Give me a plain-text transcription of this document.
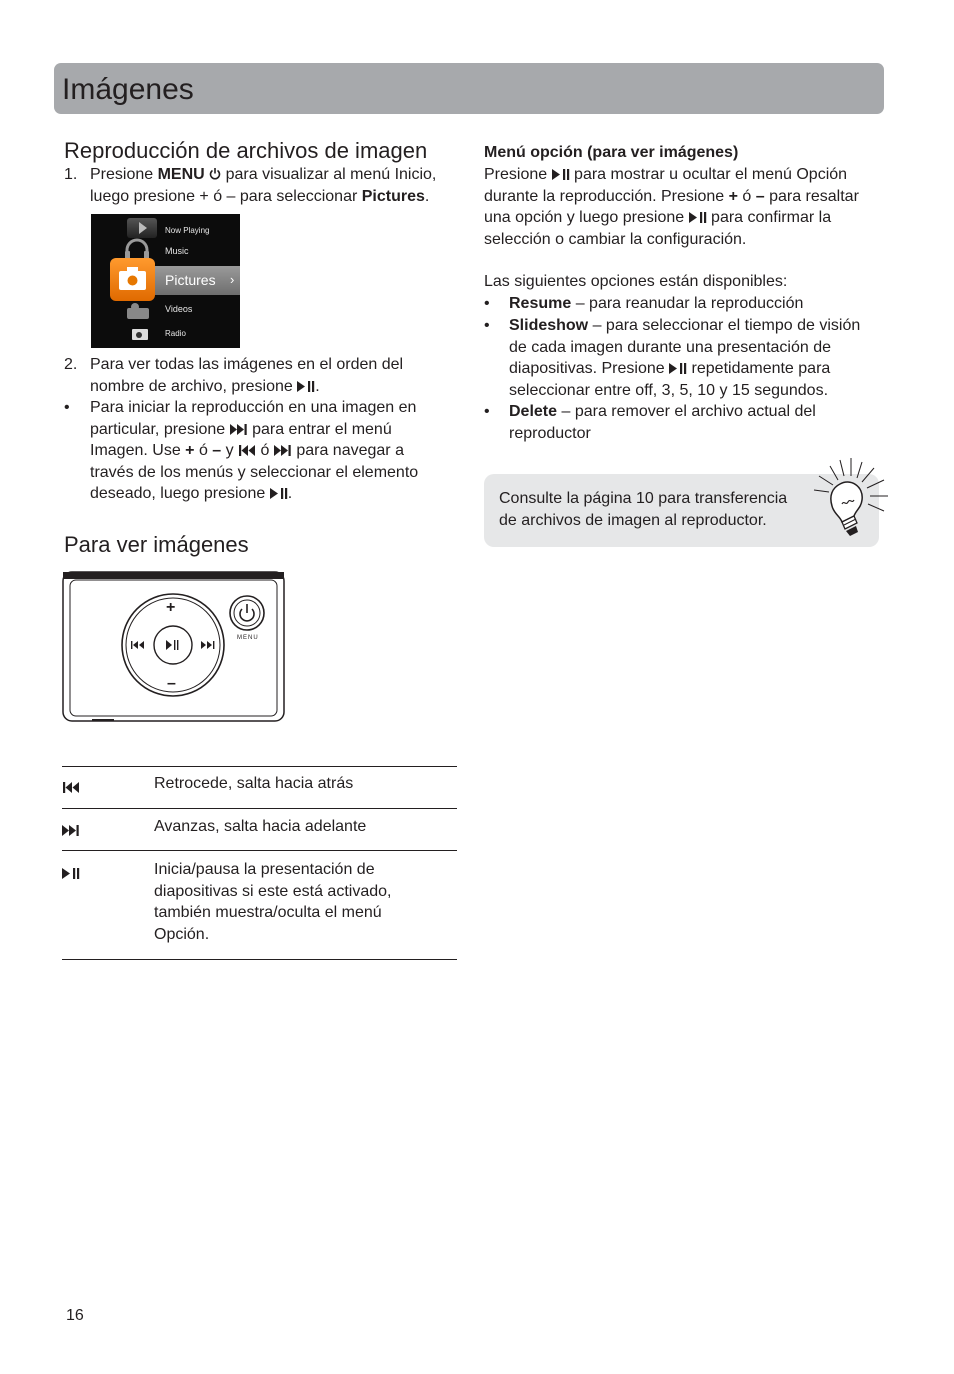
Imágenes
Reproducción de archivos de imagen
1. Presione MENU
para visualizar al menú Inicio,
luego presione + ó – para seleccionar Pictures.
Now Playing
Music
Pictures ›
Videos
Radio
2. Para ver todas las imágenes en el orden del
nombre de archivo, presione
.
• Para iniciar la reproducción en una imagen en
particular, presione
para entrar el menú
Imagen. Use + ó – y
ó
para navegar a
través de los menús y seleccionar el elemento
deseado, luego presione
.
Para ver imágenes
+
–
MENU
Retrocede, salta hacia atrás
Avanzas, salta hacia adelante
Inicia/pausa la presentación de
diapositivas si este está activado,
también muestra/oculta el menú
Opción.
Menú opción (para ver imágenes)
Presione
para mostrar u ocultar el menú Opción
durante la reproducción. Presione + ó – para resaltar
una opción y luego presione
para confirmar la
selección o cambiar la configuración.
Las siguientes opciones están disponibles:
• Resume – para reanudar la reproducción
• Slideshow – para seleccionar el tiempo de visión
de cada imagen durante una presentación de
diapositivas. Presione
repetidamente para
seleccionar entre off, 3, 5, 10 y 15 segundos.
• Delete – para remover el archivo actual del
reproductor
Consulte la página 10 para transferencia
de archivos de imagen al reproductor.
16
